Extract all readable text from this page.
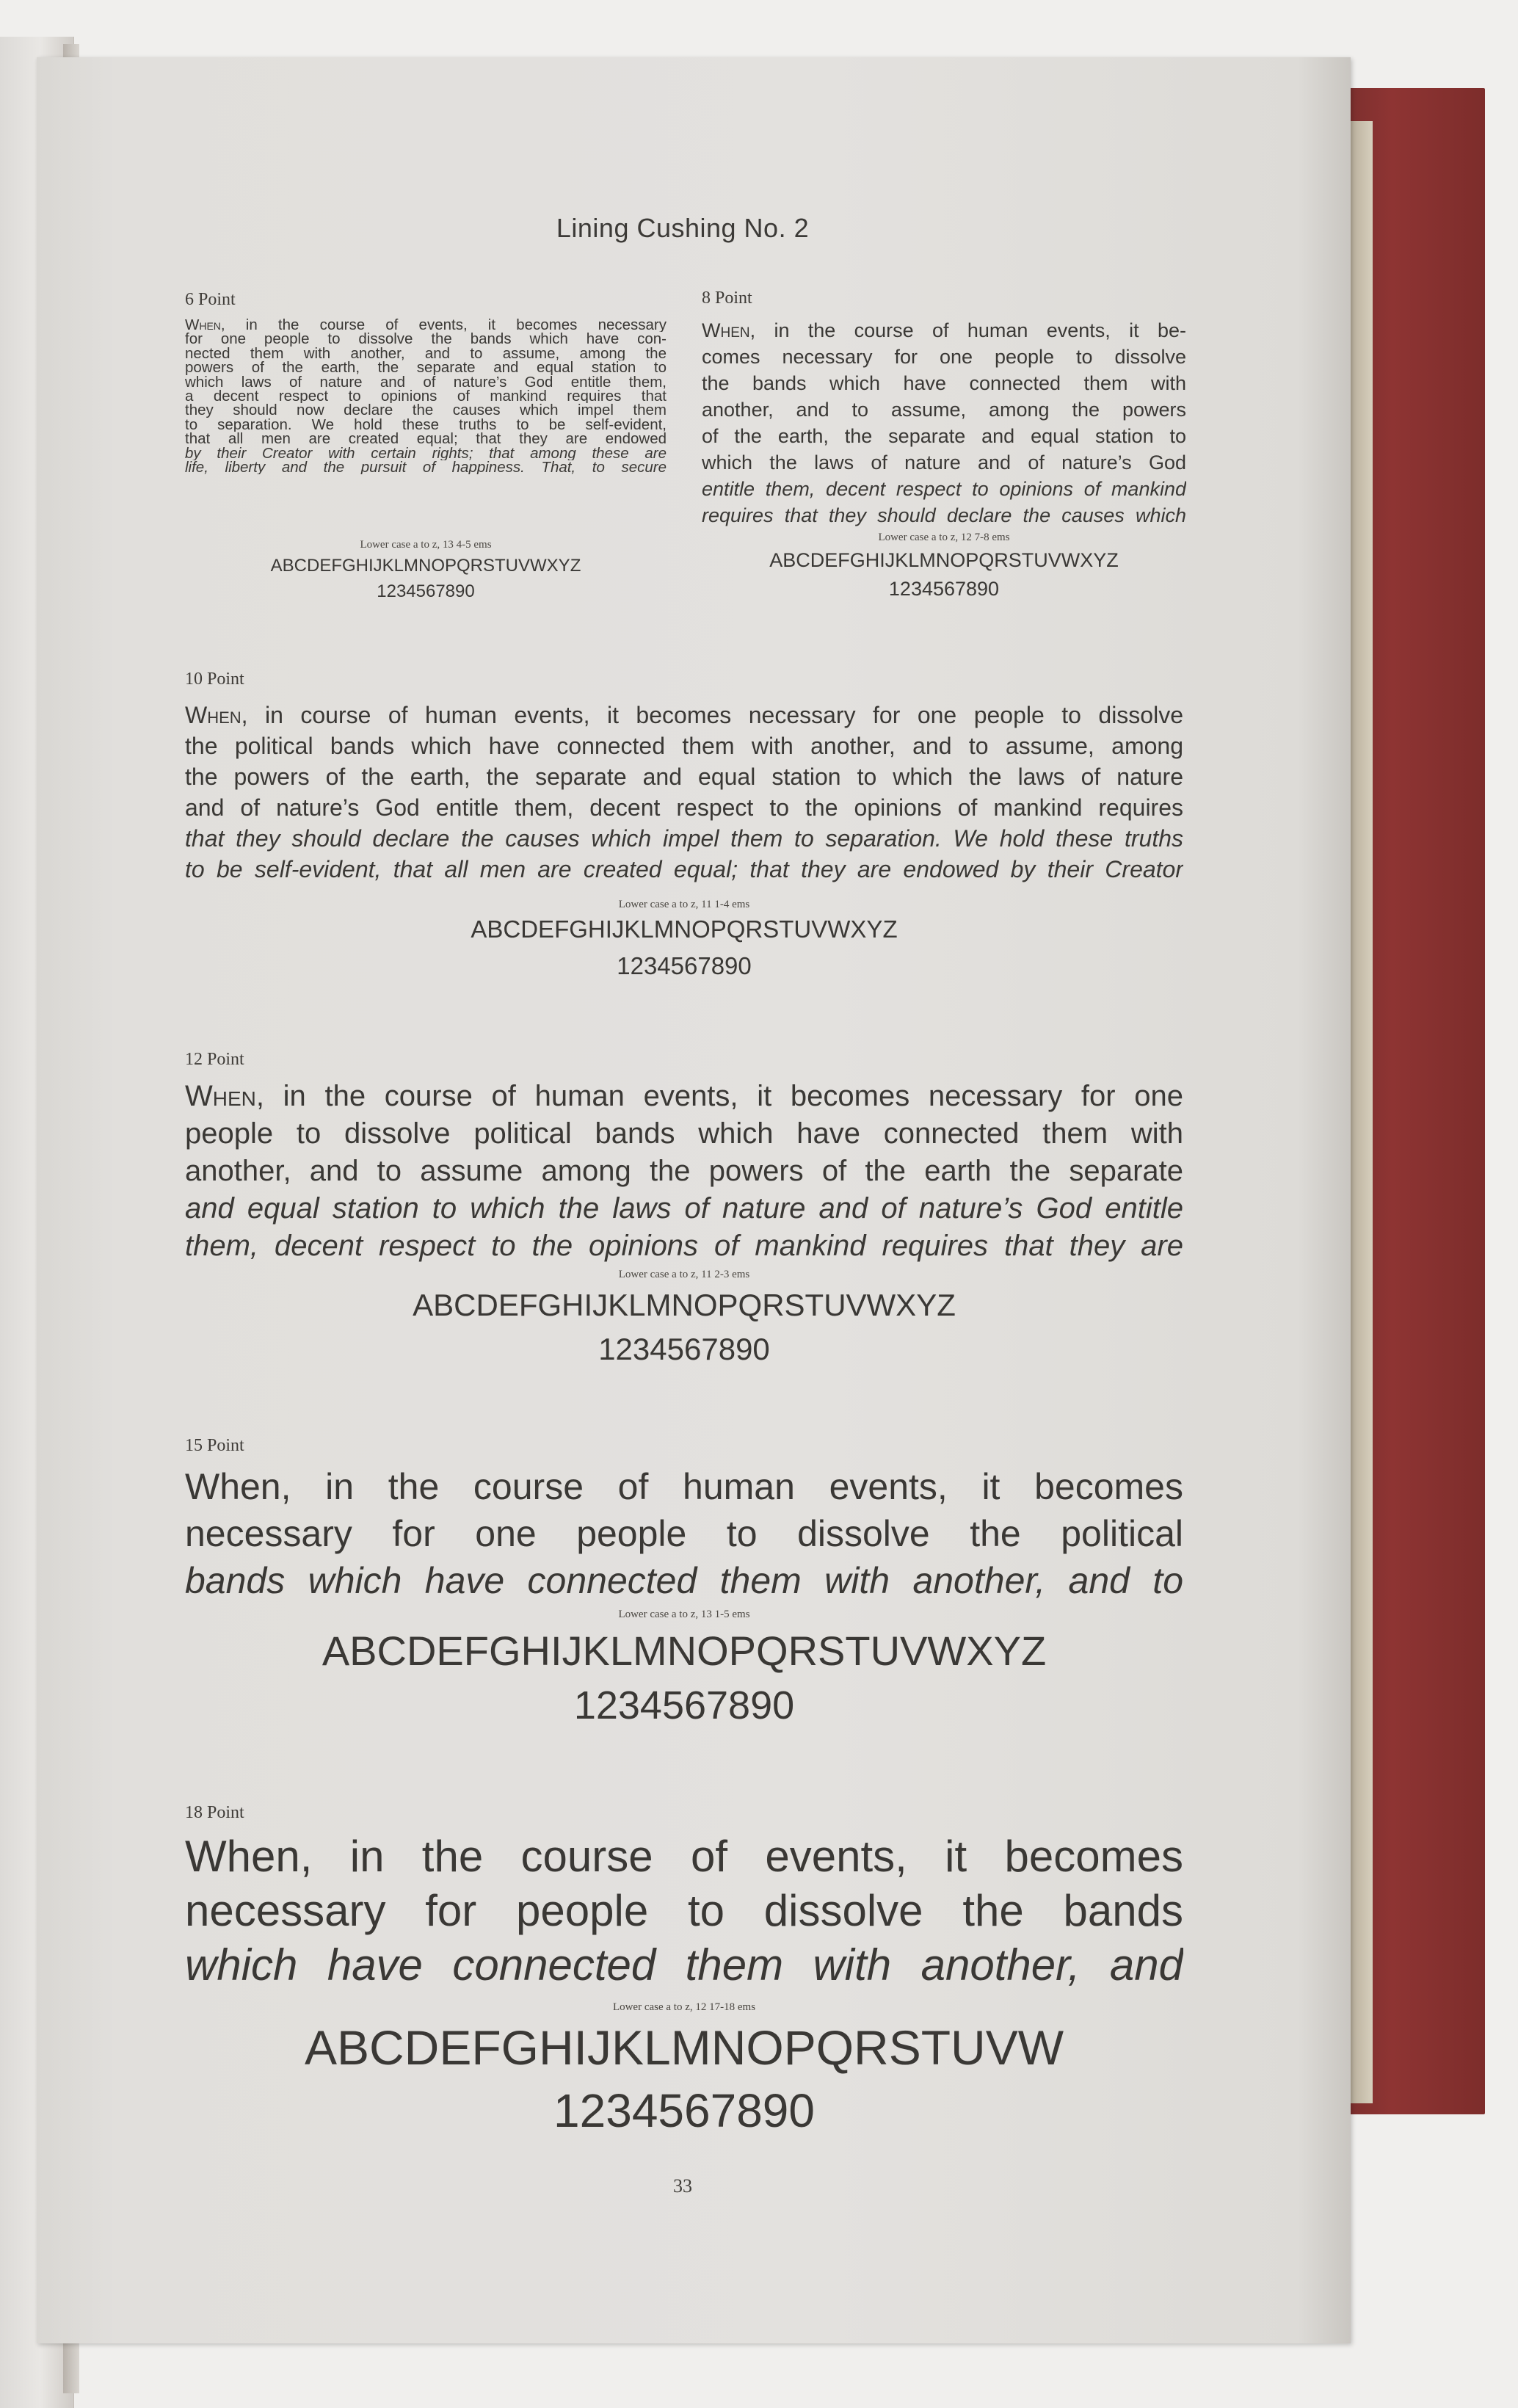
Lining Cushing No. 2
6 Point
When, in the course of events, it becomes necessary
for one people to dissolve the bands which have con-
nected them with another, and to assume, among the
powers of the earth, the separate and equal station to
which laws of nature and of nature’s God entitle them,
a decent respect to opinions of mankind requires that
they should now declare the causes which impel them
to separation. We hold these truths to be self-evident,
that all men are created equal; that they are endowed
by their Creator with certain rights; that among these are
life, liberty and the pursuit of happiness. That, to secure
Lower case a to z, 13 4-5 ems
ABCDEFGHIJKLMNOPQRSTUVWXYZ
1234567890
8 Point
When, in the course of human events, it be-
comes necessary for one people to dissolve
the bands which have connected them with
another, and to assume, among the powers
of the earth, the separate and equal station to
which the laws of nature and of nature’s God
entitle them, decent respect to opinions of mankind
requires that they should declare the causes which
Lower case a to z, 12 7-8 ems
ABCDEFGHIJKLMNOPQRSTUVWXYZ
1234567890
10 Point
When, in course of human events, it becomes necessary for one people to dissolve
the political bands which have connected them with another, and to assume, among
the powers of the earth, the separate and equal station to which the laws of nature
and of nature’s God entitle them, decent respect to the opinions of mankind requires
that they should declare the causes which impel them to separation. We hold these truths
to be self-evident, that all men are created equal; that they are endowed by their Creator
Lower case a to z, 11 1-4 ems
ABCDEFGHIJKLMNOPQRSTUVWXYZ
1234567890
12 Point
When, in the course of human events, it becomes necessary for one
people to dissolve political bands which have connected them with
another, and to assume among the powers of the earth the separate
and equal station to which the laws of nature and of nature’s God entitle
them, decent respect to the opinions of mankind requires that they are
Lower case a to z, 11 2-3 ems
ABCDEFGHIJKLMNOPQRSTUVWXYZ
1234567890
15 Point
When, in the course of human events, it becomes
necessary for one people to dissolve the political
bands which have connected them with another, and to
Lower case a to z, 13 1-5 ems
ABCDEFGHIJKLMNOPQRSTUVWXYZ
1234567890
18 Point
When, in the course of events, it becomes
necessary for people to dissolve the bands
which have connected them with another, and
Lower case a to z, 12 17-18 ems
ABCDEFGHIJKLMNOPQRSTUVW
1234567890
33
